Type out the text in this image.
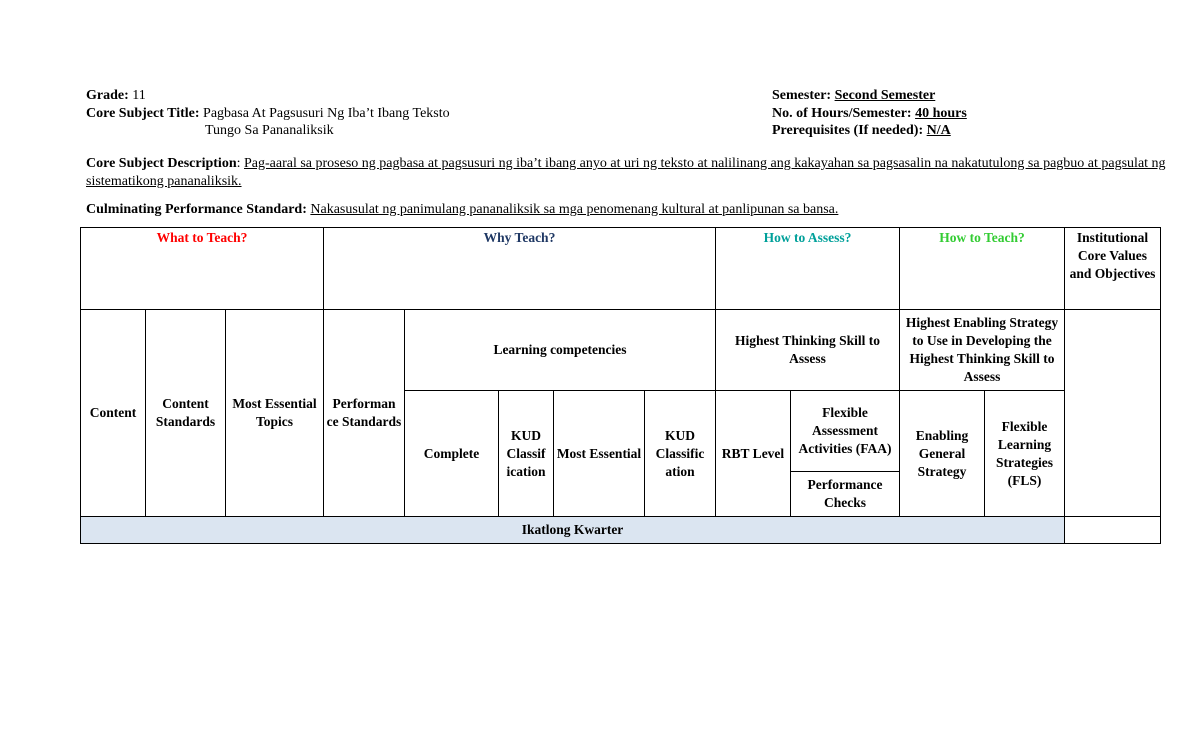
Grade: 11
Core Subject Title: Pagbasa At Pagsusuri Ng Iba’t Ibang Teksto
Tungo Sa Pananaliksik
Semester: Second Semester
No. of Hours/Semester: 40 hours
Prerequisites (If needed): N/A
Core Subject Description: Pag-aaral sa proseso ng pagbasa at pagsusuri ng iba’t ibang anyo at uri ng teksto at nalilinang ang kakayahan sa pagsasalin na nakatutulong sa pagbuo at pagsulat ng sistematikong pananaliksik.
Culminating Performance Standard: Nakasusulat ng panimulang pananaliksik sa mga penomenang kultural at panlipunan sa bansa.
What to Teach?			Why Teach?					How to Assess?		How to Teach?		Institutional Core Values and Objectives
Content	Content Standards	Most Essential Topics	Performan ce Standards	Learning competencies				Highest Thinking Skill to Assess		Highest Enabling Strategy to Use in Developing the Highest Thinking Skill to Assess		
				Complete	KUD Classif ication	Most Essential	KUD Classific ation	RBT Level	Flexible Assessment Activities (FAA)	Enabling General Strategy	Flexible Learning Strategies (FLS)	
									Performance Checks			
Ikatlong Kwarter												
